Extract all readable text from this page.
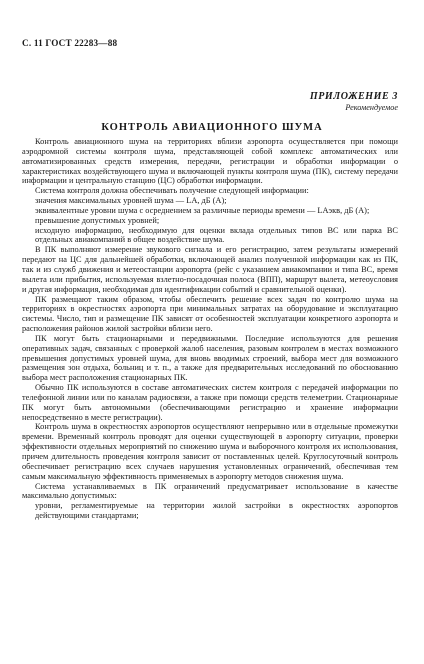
С. 11 ГОСТ 22283—88
ПРИЛОЖЕНИЕ 3
Рекомендуемое
КОНТРОЛЬ АВИАЦИОННОГО ШУМА

Контроль авиационного шума на территориях вблизи аэропорта осуществляется при помощи аэродромной системы контроля шума, представляющей собой комплекс автоматических или автоматизированных средств измерения, передачи, регистрации и обработки информации о характеристиках воздействующего шума и включающей пункты контроля шума (ПК), систему передачи информации и центральную станцию (ЦС) обработки информации.

Система контроля должна обеспечивать получение следующей информации:

значения максимальных уровней шума — LA, дБ (A);

эквивалентные уровни шума с осреднением за различные периоды времени — LAэкв, дБ (A);

превышение допустимых уровней;

исходную информацию, необходимую для оценки вклада отдельных типов ВС или парка ВС отдельных авиакомпаний в общее воздействие шума.

В ПК выполняют измерение звукового сигнала и его регистрацию, затем результаты измерений передают на ЦС для дальнейшей обработки, включающей анализ полученной информации как из ПК, так и из служб движения и метеостанции аэропорта (рейс с указанием авиакомпании и типа ВС, время вылета или прибытия, используемая взлетно-посадочная полоса (ВПП), маршрут вылета, метеоусловия и другая информация, необходимая для идентификации событий и сравнительной оценки).

ПК размещают таким образом, чтобы обеспечить решение всех задач по контролю шума на территориях в окрестностях аэропорта при минимальных затратах на оборудование и эксплуатацию системы. Число, тип и размещение ПК зависят от особенностей эксплуатации конкретного аэропорта и расположения районов жилой застройки вблизи него.

ПК могут быть стационарными и передвижными. Последние используются для решения оперативных задач, связанных с проверкой жалоб населения, разовым контролем в местах возможного превышения допустимых уровней шума, для вновь вводимых строений, выбора мест для возможного размещения зон отдыха, больниц и т. п., а также для предварительных исследований по обоснованию выбора мест расположения стационарных ПК.

Обычно ПК используются в составе автоматических систем контроля с передачей информации по телефонной линии или по каналам радиосвязи, а также при помощи средств телеметрии. Стационарные ПК могут быть автономными (обеспечивающими регистрацию и хранение информации непосредственно в месте регистрации).

Контроль шума в окрестностях аэропортов осуществляют непрерывно или в отдельные промежутки времени. Временный контроль проводят для оценки существующей в аэропорту ситуации, проверки эффективности отдельных мероприятий по снижению шума и выборочного контроля их использования, причем длительность проведения контроля зависит от поставленных целей. Круглосуточный контроль обеспечивает регистрацию всех случаев нарушения установленных ограничений, обеспечивая тем самым максимальную эффективность применяемых в аэропорту методов снижения шума.

Система устанавливаемых в ПК ограничений предусматривает использование в качестве максимально допустимых:

уровни, регламентируемые на территории жилой застройки в окрестностях аэропортов действующими стандартами;
